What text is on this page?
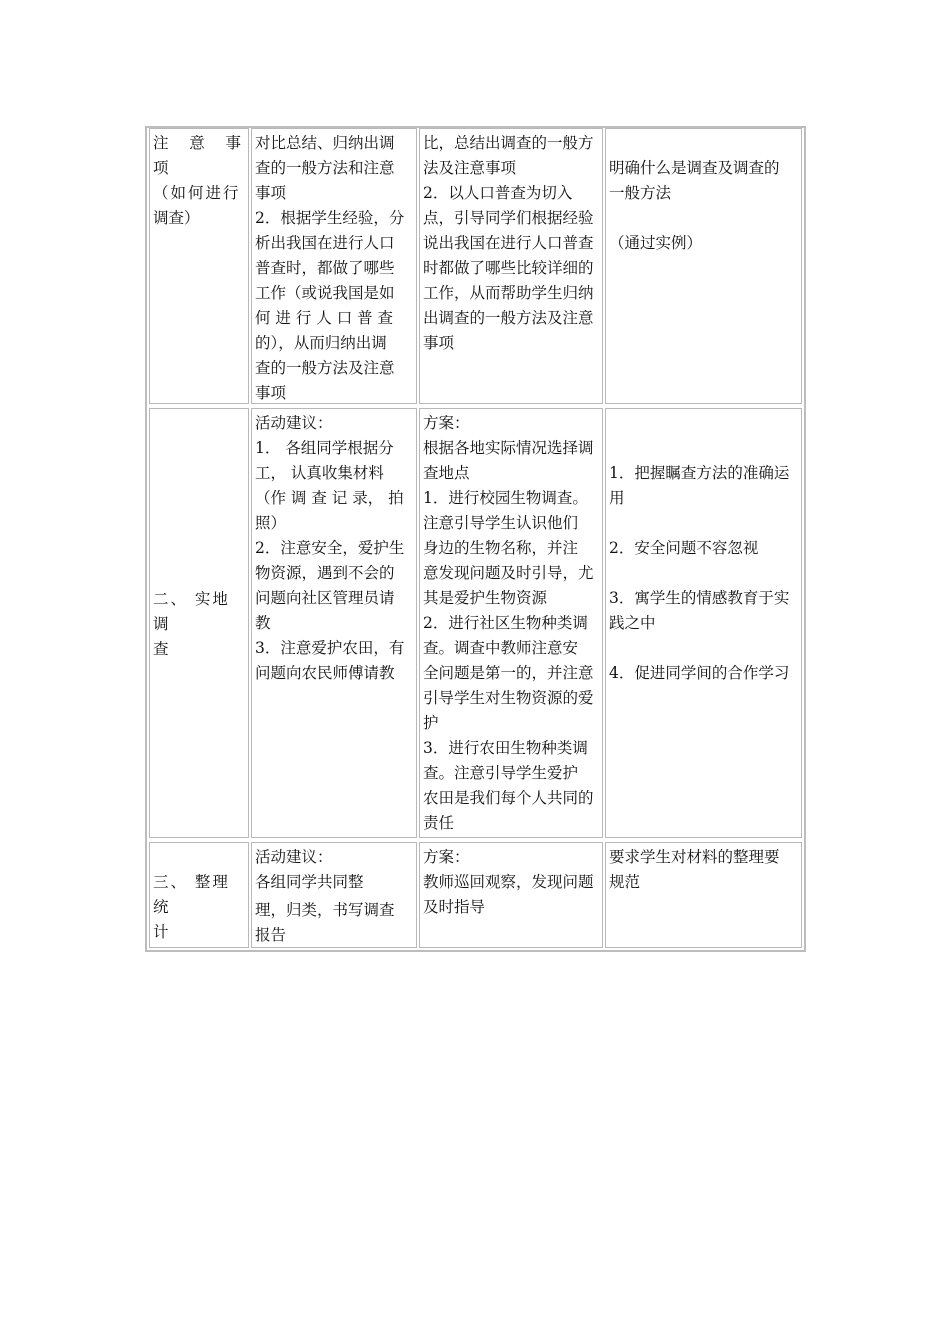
注 意 事 项
（如何进行
调查）
对比总结、归纳出调
查的一般方法和注意
事项
2．根据学生经验，分
析出我国在进行人口
普查时，都做了哪些
工作（或说我国是如
何 进 行 人 口 普 查
的），从而归纳出调
查的一般方法及注意
事项
比，总结出调查的一般方
法及注意事项
2．以人口普查为切入
点，引导同学们根据经验
说出我国在进行人口普查
时都做了哪些比较详细的
工作，从而帮助学生归纳
出调查的一般方法及注意
事项
明确什么是调查及调查的
一般方法
（通过实例）
二、 实地调
查
活动建议：
1． 各组同学根据分
工， 认真收集材料
（作 调 查 记 录， 拍
照）
2．注意安全，爱护生
物资源，遇到不会的
问题向社区管理员请
教
3．注意爱护农田，有
问题向农民师傅请教
方案：
根据各地实际情况选择调
查地点
1．进行校园生物调查。
注意引导学生认识他们
身边的生物名称，并注
意发现问题及时引导，尤
其是爱护生物资源
2．进行社区生物种类调
查。调查中教师注意安
全问题是第一的，并注意
引导学生对生物资源的爱
护
3．进行农田生物种类调
查。注意引导学生爱护
农田是我们每个人共同的
责任
1．把握瞩查方法的准确运
用
2．安全问题不容忽视
3．寓学生的情感教育于实
践之中
4．促进同学间的合作学习
三、 整理统
计
活动建议：
各组同学共同整
理，归类，书写调查
报告
方案：
教师巡回观察，发现问题
及时指导
要求学生对材料的整理要
规范
